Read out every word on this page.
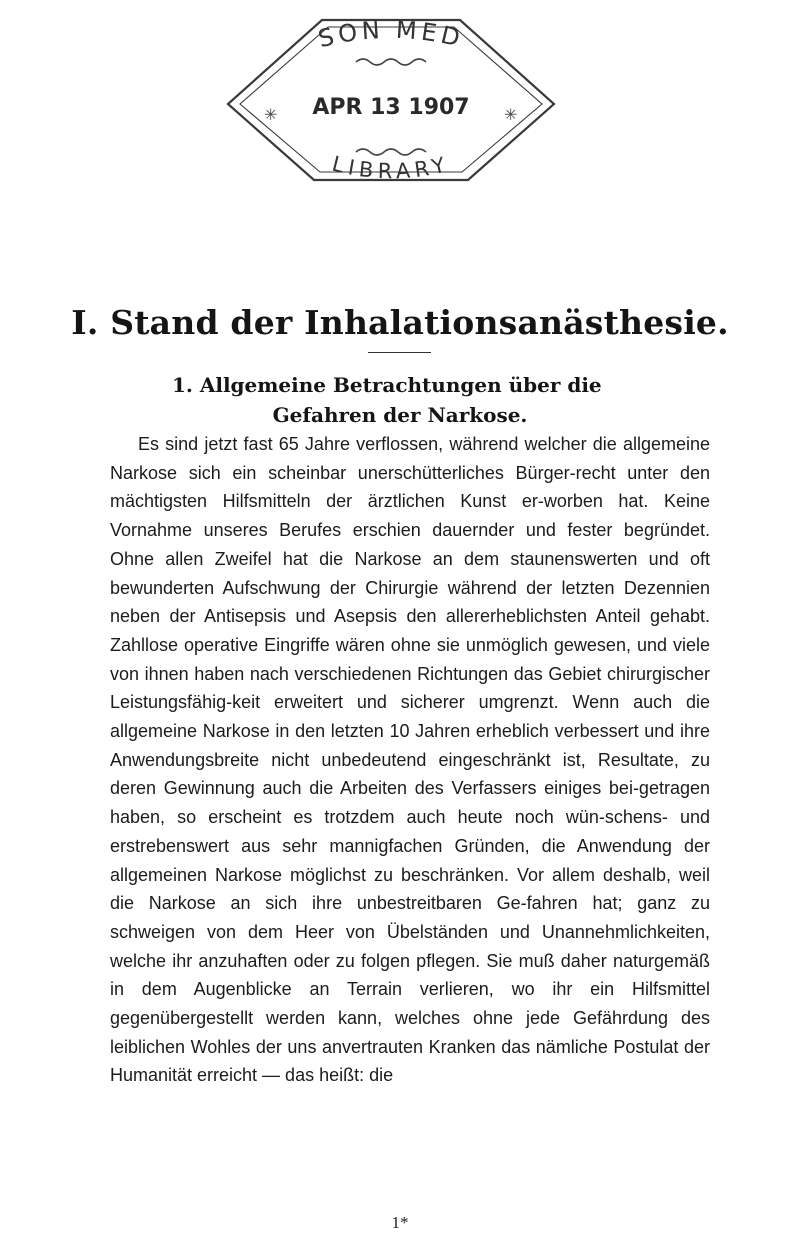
SON MED
LIBRARY
APR 13 1907
✳	✳
I. Stand der Inhalationsanästhesie.
1. Allgemeine Betrachtungen über die
Gefahren der Narkose.

Es sind jetzt fast 65 Jahre verflossen, während welcher die allgemeine Narkose sich ein scheinbar unerschütterliches Bürger-recht unter den mächtigsten Hilfsmitteln der ärztlichen Kunst er-worben hat. Keine Vornahme unseres Berufes erschien dauernder und fester begründet. Ohne allen Zweifel hat die Narkose an dem staunenswerten und oft bewunderten Aufschwung der Chirurgie während der letzten Dezennien neben der Antisepsis und Asepsis den allererheblichsten Anteil gehabt. Zahllose operative Eingriffe wären ohne sie unmöglich gewesen, und viele von ihnen haben nach verschiedenen Richtungen das Gebiet chirurgischer Leistungsfähig-keit erweitert und sicherer umgrenzt. Wenn auch die allgemeine Narkose in den letzten 10 Jahren erheblich verbessert und ihre Anwendungsbreite nicht unbedeutend eingeschränkt ist, Resultate, zu deren Gewinnung auch die Arbeiten des Verfassers einiges bei-getragen haben, so erscheint es trotzdem auch heute noch wün-schens- und erstrebenswert aus sehr mannigfachen Gründen, die Anwendung der allgemeinen Narkose möglichst zu beschränken. Vor allem deshalb, weil die Narkose an sich ihre unbestreitbaren Ge-fahren hat; ganz zu schweigen von dem Heer von Übelständen und Unannehmlichkeiten, welche ihr anzuhaften oder zu folgen pflegen. Sie muß daher naturgemäß in dem Augenblicke an Terrain verlieren, wo ihr ein Hilfsmittel gegenübergestellt werden kann, welches ohne jede Gefährdung des leiblichen Wohles der uns anvertrauten Kranken das nämliche Postulat der Humanität erreicht — das heißt: die

1*
